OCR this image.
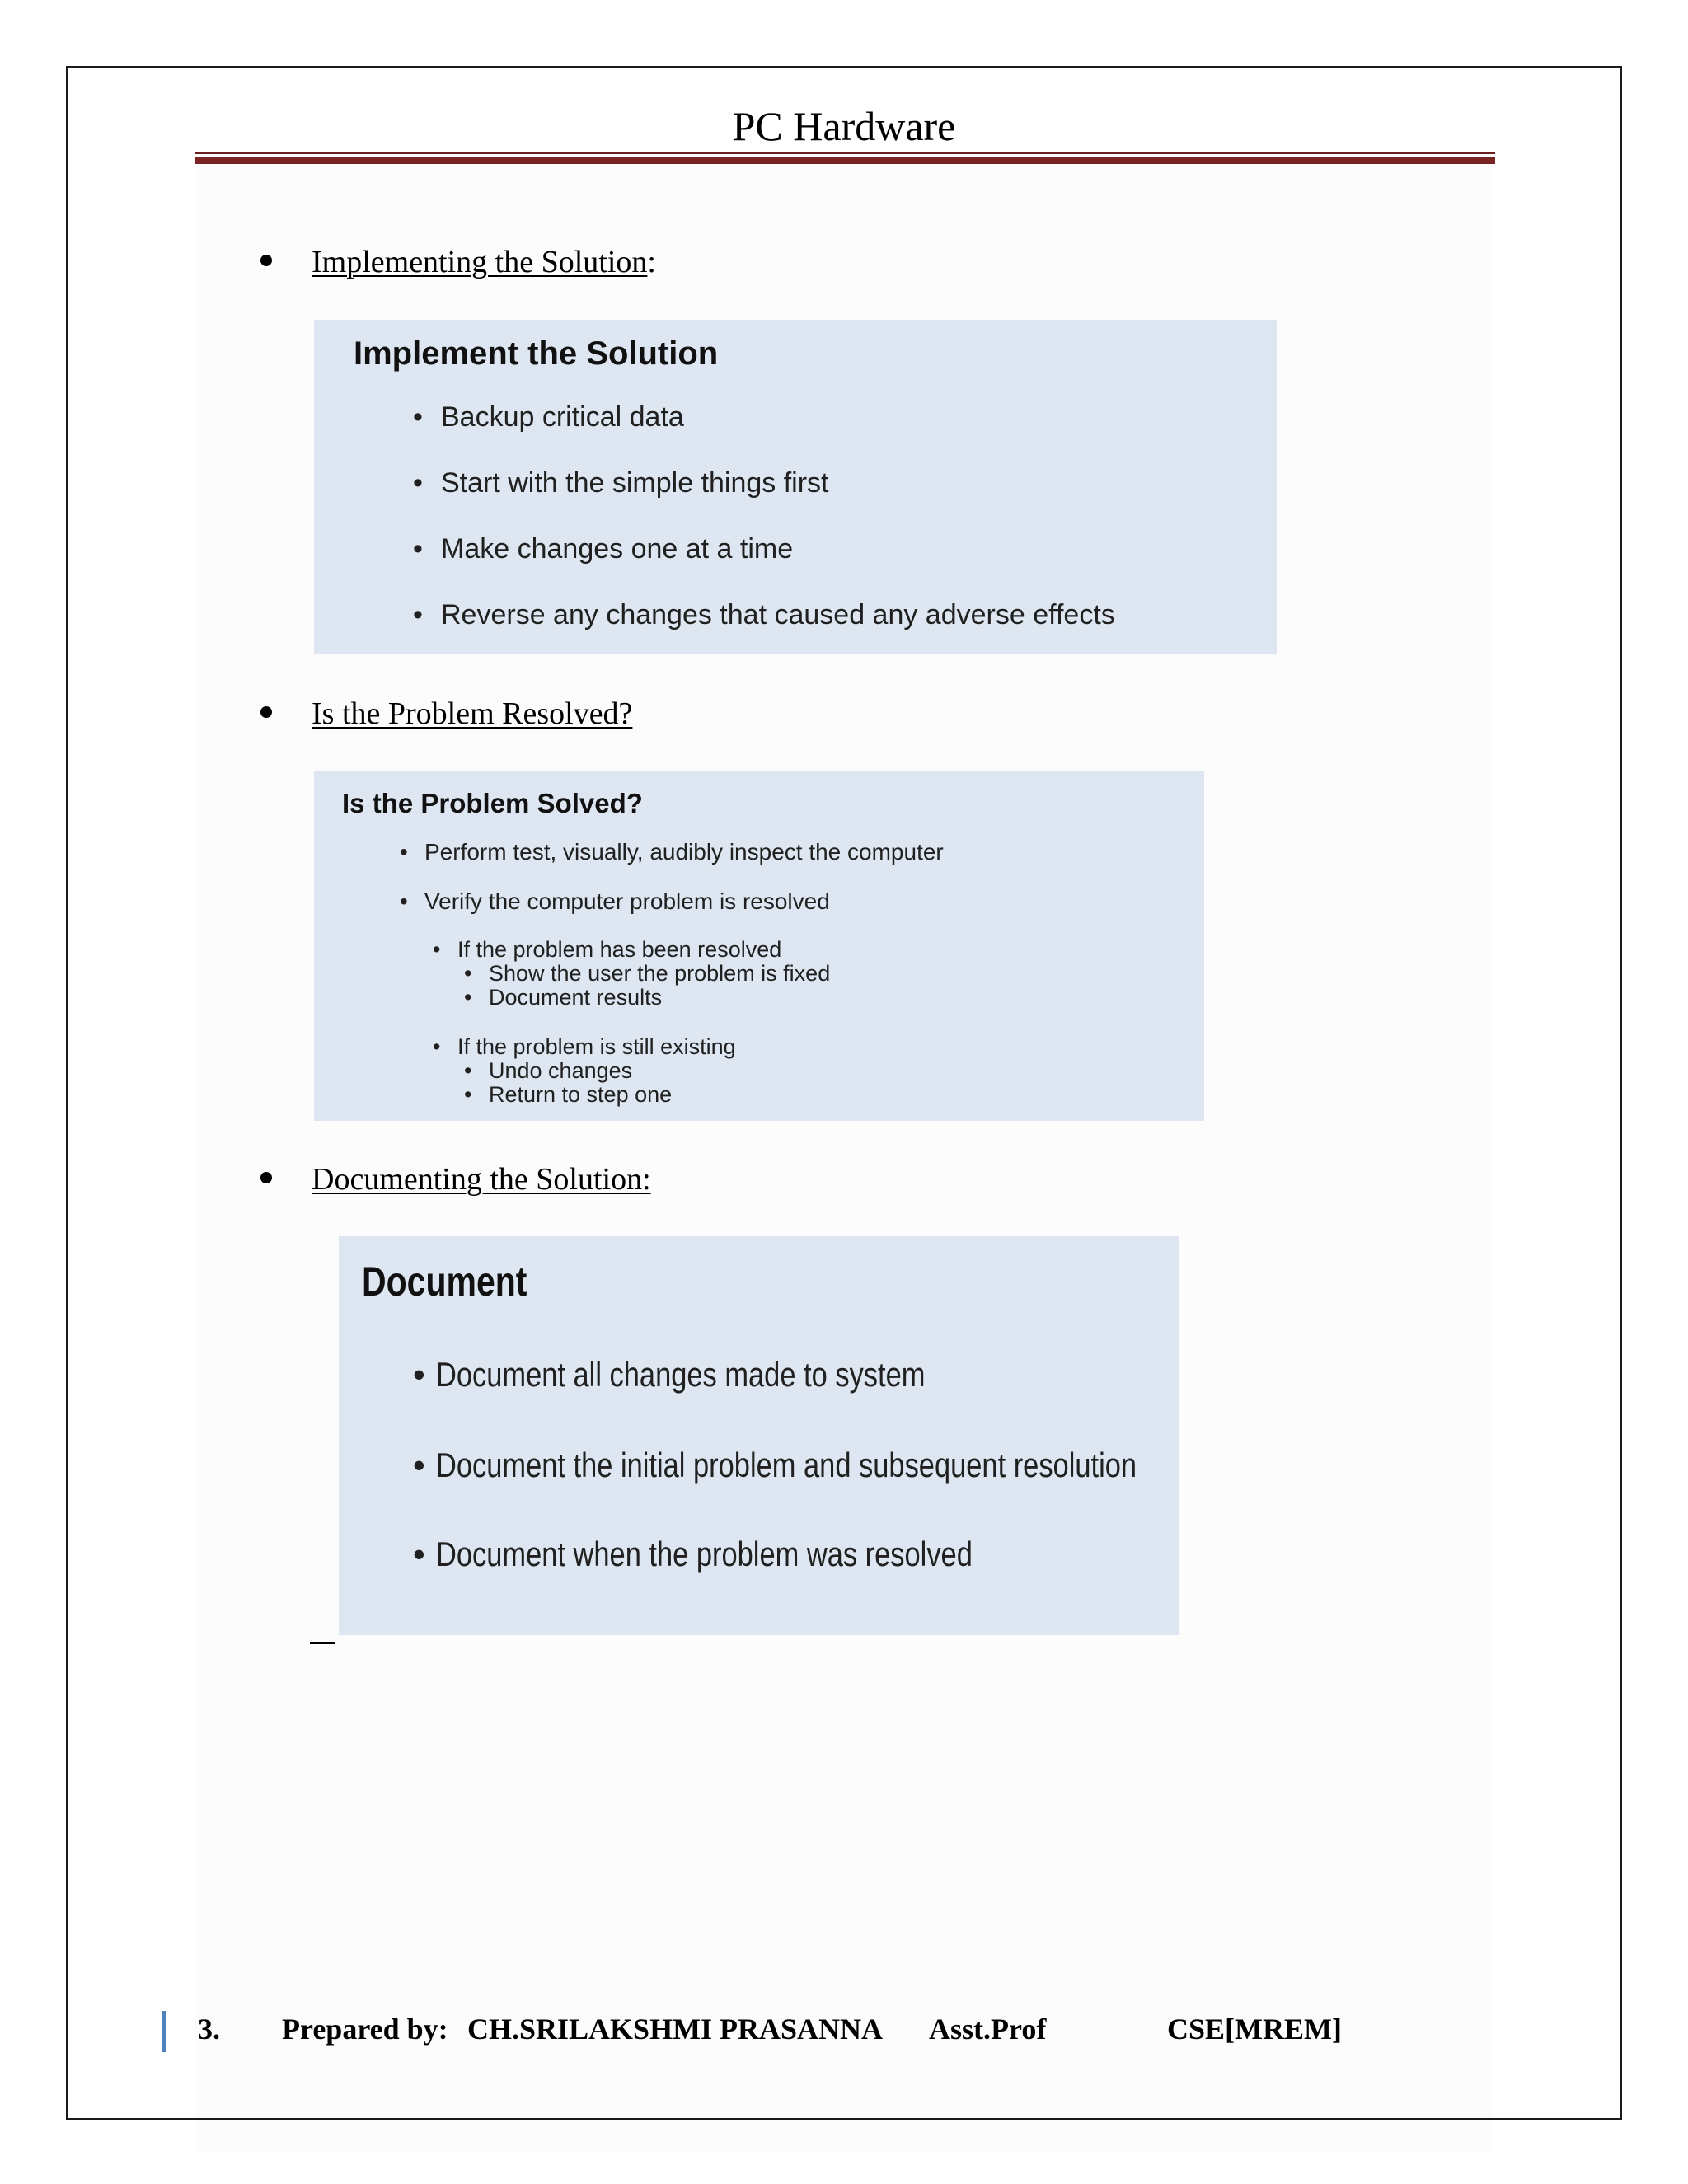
PC Hardware
Implementing the Solution:
Implement the Solution
• Backup critical data
• Start with the simple things first
• Make changes one at a time
• Reverse any changes that caused any adverse effects
Is the Problem Resolved?
Is the Problem Solved?
• Perform test, visually, audibly inspect the computer
• Verify the computer problem is resolved
• If the problem has been resolved
• Show the user the problem is fixed
• Document results
• If the problem is still existing
• Undo changes
• Return to step one
Documenting the Solution:
Document
• Document all changes made to system
• Document the initial problem and subsequent resolution
• Document when the problem was resolved
3. Prepared by: CH.SRILAKSHMI PRASANNA Asst.Prof	CSE[MREM]
